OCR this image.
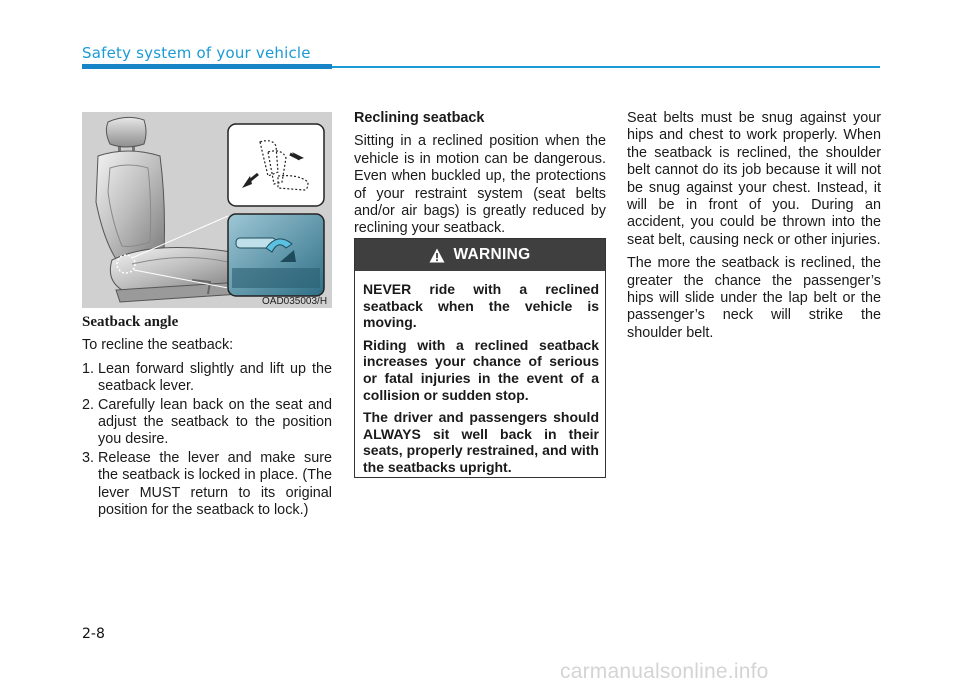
Safety system of your vehicle
OAD035003/H
Seatback angle

To recline the seatback:

1. Lean forward slightly and lift up the seatback lever.
2. Carefully lean back on the seat and adjust the seatback to the position you desire.
3. Release the lever and make sure the seatback is locked in place. (The lever MUST return to its original position for the seatback to lock.)
Reclining seatback

Sitting in a reclined position when the vehicle is in motion can be dangerous. Even when buckled up, the protections of your restraint system (seat belts and/or air bags) is greatly reduced by reclining your seatback.

WARNING

NEVER ride with a reclined seatback when the vehicle is moving.

Riding with a reclined seatback increases your chance of serious or fatal injuries in the event of a collision or sudden stop.

The driver and passengers should ALWAYS sit well back in their seats, properly restrained, and with the seatbacks upright.

Seat belts must be snug against your hips and chest to work properly. When the seatback is reclined, the shoulder belt cannot do its job because it will not be snug against your chest. Instead, it will be in front of you. During an accident, you could be thrown into the seat belt, causing neck or other injuries.

The more the seatback is reclined, the greater the chance the passenger’s hips will slide under the lap belt or the passenger’s neck will strike the shoulder belt.

2-8
carmanualsonline.info
